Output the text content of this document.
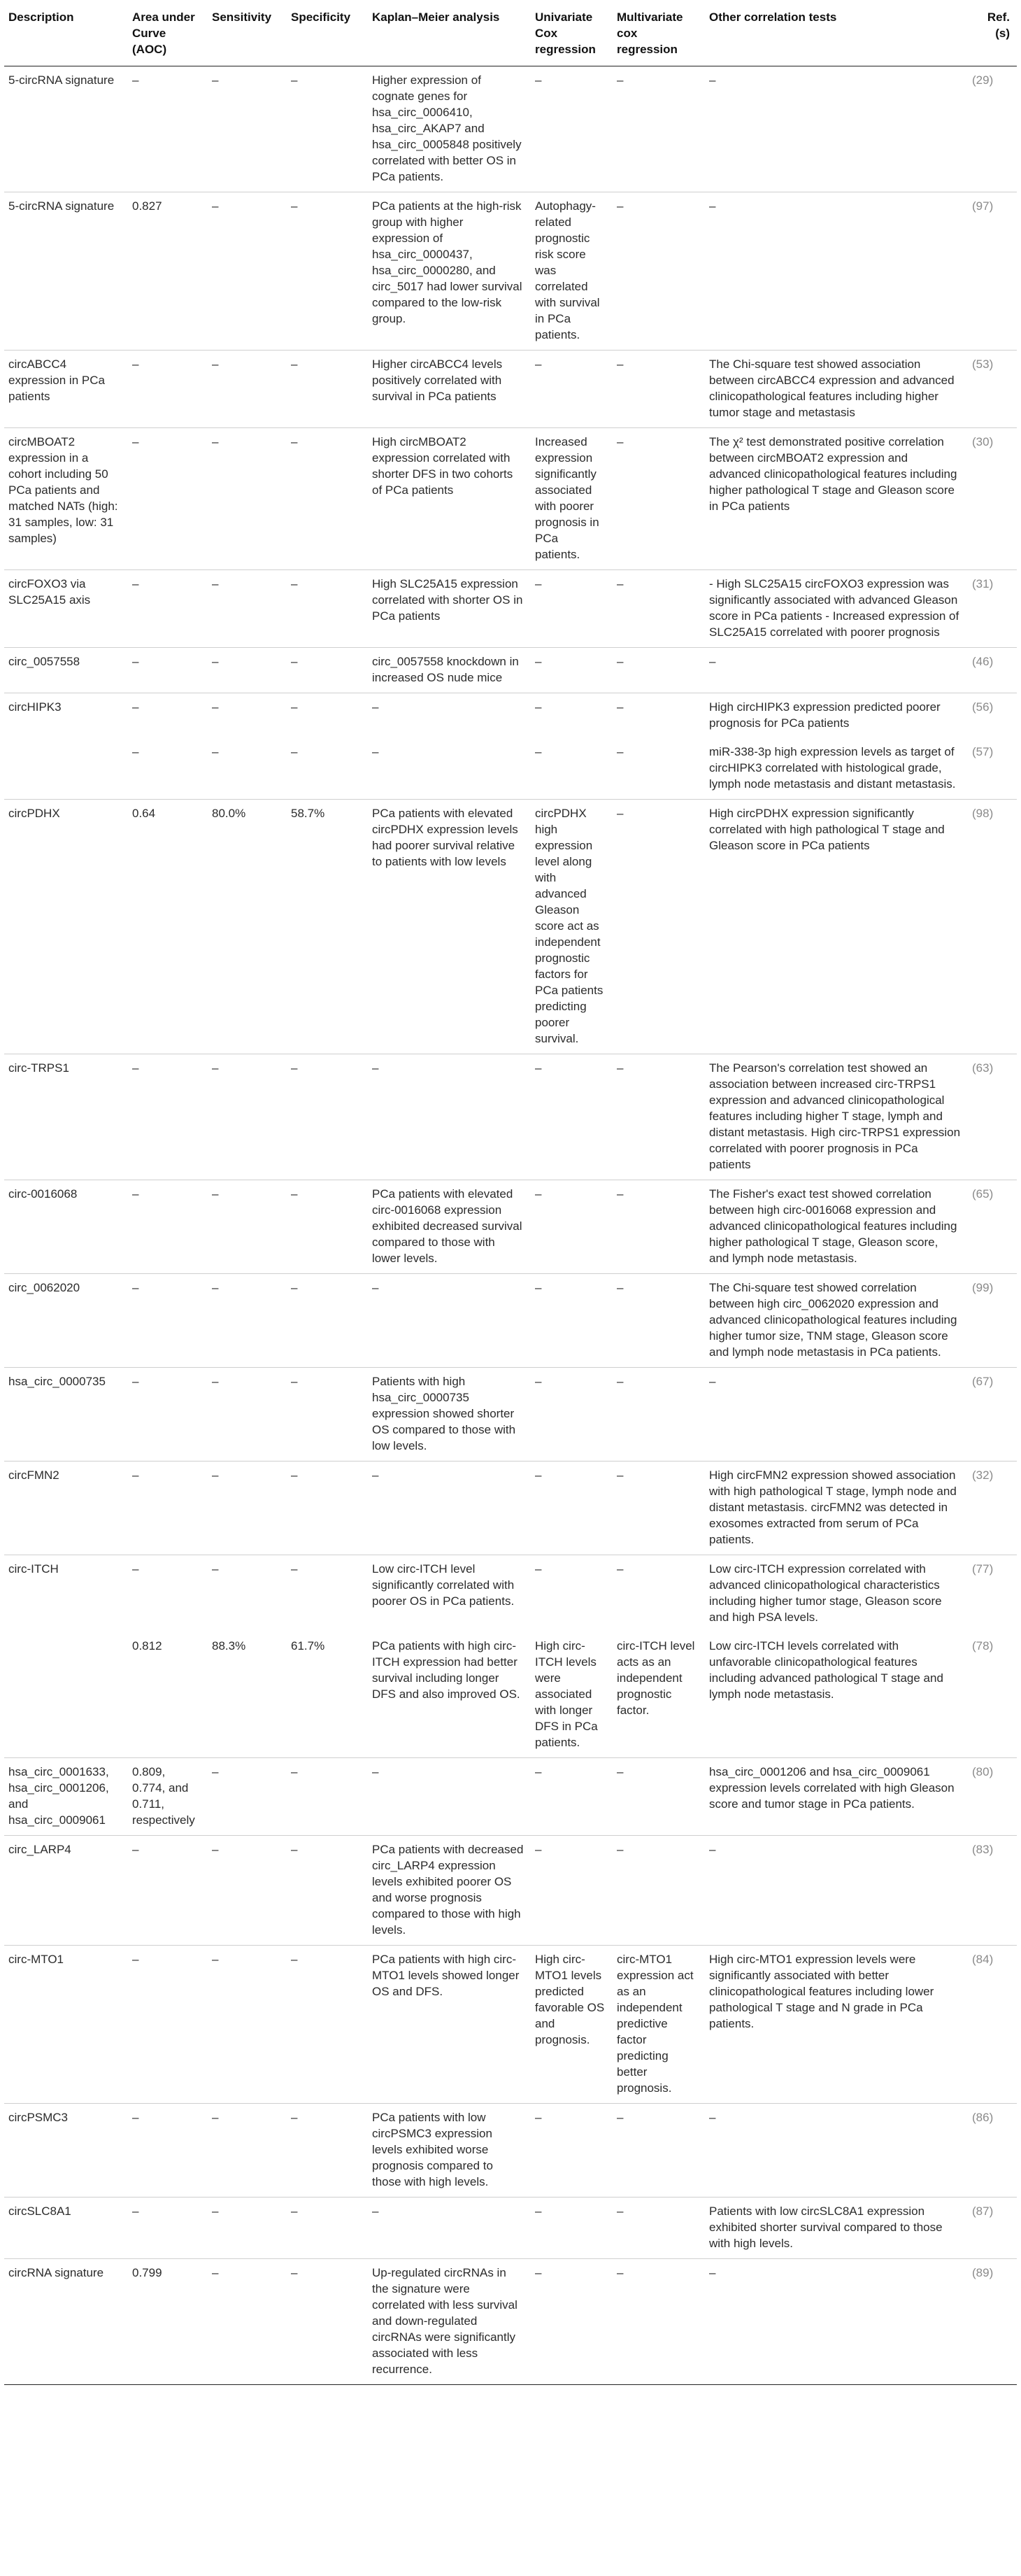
Description	Area under Curve (AOC)	Sensitivity	Specificity	Kaplan–Meier analysis	Univariate Cox regression	Multivariate cox regression	Other correlation tests	Ref. (s)
5-circRNA signature	–	–	–	Higher expression of cognate genes for hsa_circ_0006410, hsa_circ_AKAP7 and hsa_circ_0005848 positively correlated with better OS in PCa patients.	–	–	–	(29)
5-circRNA signature	0.827	–	–	PCa patients at the high-risk group with higher expression of hsa_circ_0000437, hsa_circ_0000280, and circ_5017 had lower survival compared to the low-risk group.	Autophagy-related prognostic risk score was correlated with survival in PCa patients.	–	–	(97)
circABCC4 expression in PCa patients	–	–	–	Higher circABCC4 levels positively correlated with survival in PCa patients	–	–	The Chi-square test showed association between circABCC4 expression and advanced clinicopathological features including higher tumor stage and metastasis	(53)
circMBOAT2 expression in a cohort including 50 PCa patients and matched NATs (high: 31 samples, low: 31 samples)	–	–	–	High circMBOAT2 expression correlated with shorter DFS in two cohorts of PCa patients	Increased expression significantly associated with poorer prognosis in PCa patients.	–	The χ² test demonstrated positive correlation between circMBOAT2 expression and advanced clinicopathological features including higher pathological T stage and Gleason score in PCa patients	(30)
circFOXO3 via SLC25A15 axis	–	–	–	High SLC25A15 expression correlated with shorter OS in PCa patients	–	–	- High SLC25A15 circFOXO3 expression was significantly associated with advanced Gleason score in PCa patients - Increased expression of SLC25A15 correlated with poorer prognosis	(31)
circ_0057558	–	–	–	circ_0057558 knockdown in increased OS nude mice	–	–	–	(46)
circHIPK3	–	–	–	–	–	–	High circHIPK3 expression predicted poorer prognosis for PCa patients	(56)
	–	–	–	–	–	–	miR-338-3p high expression levels as target of circHIPK3 correlated with histological grade, lymph node metastasis and distant metastasis.	(57)
circPDHX	0.64	80.0%	58.7%	PCa patients with elevated circPDHX expression levels had poorer survival relative to patients with low levels	circPDHX high expression level along with advanced Gleason score act as independent prognostic factors for PCa patients predicting poorer survival.	–	High circPDHX expression significantly correlated with high pathological T stage and Gleason score in PCa patients	(98)
circ-TRPS1	–	–	–	–	–	–	The Pearson's correlation test showed an association between increased circ-TRPS1 expression and advanced clinicopathological features including higher T stage, lymph and distant metastasis. High circ-TRPS1 expression correlated with poorer prognosis in PCa patients	(63)
circ-0016068	–	–	–	PCa patients with elevated circ-0016068 expression exhibited decreased survival compared to those with lower levels.	–	–	The Fisher's exact test showed correlation between high circ-0016068 expression and advanced clinicopathological features including higher pathological T stage, Gleason score, and lymph node metastasis.	(65)
circ_0062020	–	–	–	–	–	–	The Chi-square test showed correlation between high circ_0062020 expression and advanced clinicopathological features including higher tumor size, TNM stage, Gleason score and lymph node metastasis in PCa patients.	(99)
hsa_circ_0000735	–	–	–	Patients with high hsa_circ_0000735 expression showed shorter OS compared to those with low levels.	–	–	–	(67)
circFMN2	–	–	–	–	–	–	High circFMN2 expression showed association with high pathological T stage, lymph node and distant metastasis. circFMN2 was detected in exosomes extracted from serum of PCa patients.	(32)
circ-ITCH	–	–	–	Low circ-ITCH level significantly correlated with poorer OS in PCa patients.	–	–	Low circ-ITCH expression correlated with advanced clinicopathological characteristics including higher tumor stage, Gleason score and high PSA levels.	(77)
	0.812	88.3%	61.7%	PCa patients with high circ-ITCH expression had better survival including longer DFS and also improved OS.	High circ-ITCH levels were associated with longer DFS in PCa patients.	circ-ITCH level acts as an independent prognostic factor.	Low circ-ITCH levels correlated with unfavorable clinicopathological features including advanced pathological T stage and lymph node metastasis.	(78)
hsa_circ_0001633, hsa_circ_0001206, and hsa_circ_0009061	0.809, 0.774, and 0.711, respectively	–	–	–	–	–	hsa_circ_0001206 and hsa_circ_0009061 expression levels correlated with high Gleason score and tumor stage in PCa patients.	(80)
circ_LARP4	–	–	–	PCa patients with decreased circ_LARP4 expression levels exhibited poorer OS and worse prognosis compared to those with high levels.	–	–	–	(83)
circ-MTO1	–	–	–	PCa patients with high circ-MTO1 levels showed longer OS and DFS.	High circ-MTO1 levels predicted favorable OS and prognosis.	circ-MTO1 expression act as an independent predictive factor predicting better prognosis.	High circ-MTO1 expression levels were significantly associated with better clinicopathological features including lower pathological T stage and N grade in PCa patients.	(84)
circPSMC3	–	–	–	PCa patients with low circPSMC3 expression levels exhibited worse prognosis compared to those with high levels.	–	–	–	(86)
circSLC8A1	–	–	–	–	–	–	Patients with low circSLC8A1 expression exhibited shorter survival compared to those with high levels.	(87)
circRNA signature	0.799	–	–	Up-regulated circRNAs in the signature were correlated with less survival and down-regulated circRNAs were significantly associated with less recurrence.	–	–	–	(89)
